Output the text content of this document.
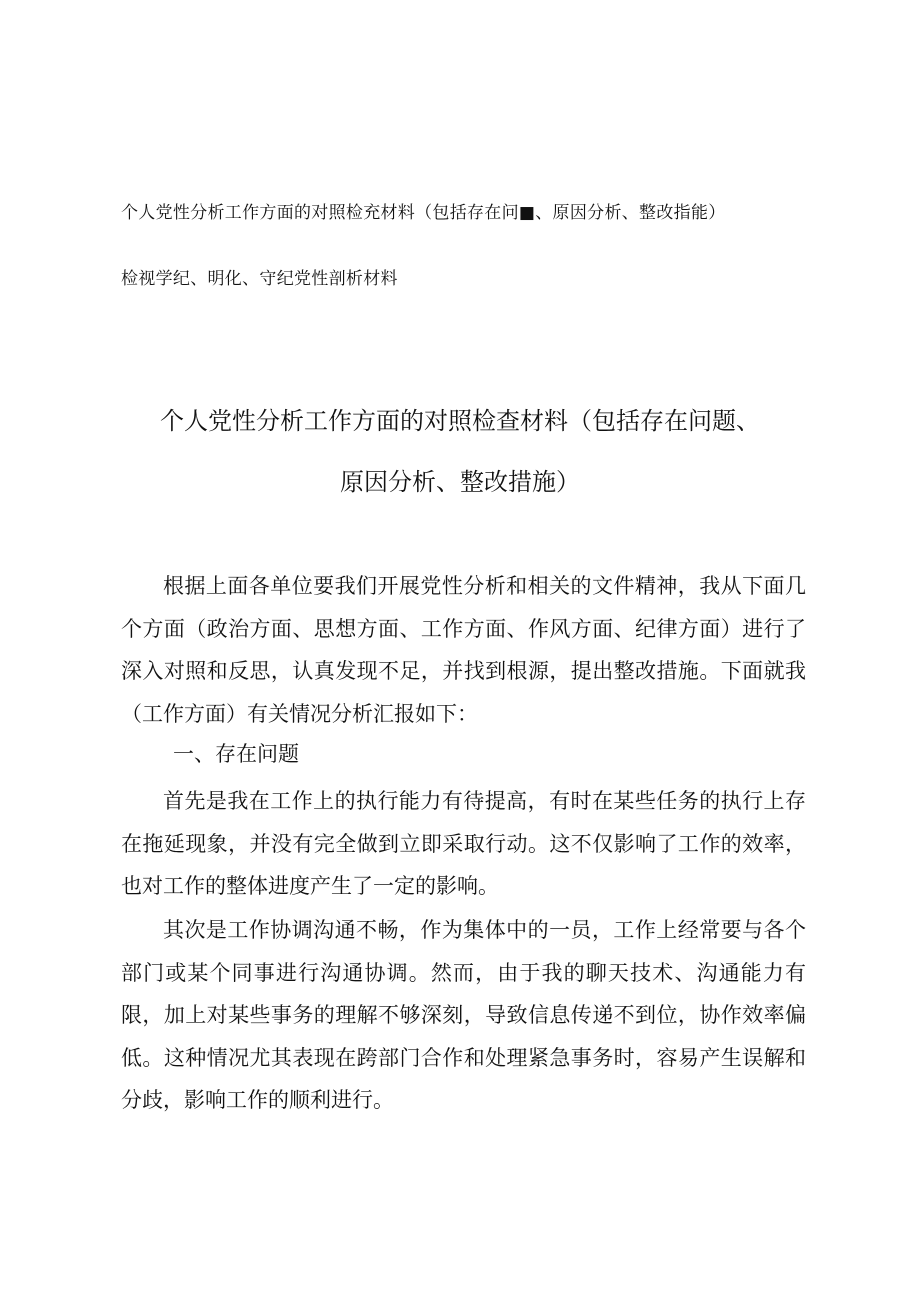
个人党性分析工作方面的对照检充材料（包括存在问■、原因分析、整改指能）
检视学纪、明化、守纪党性剖析材料
个人党性分析工作方面的对照检查材料（包括存在问题、
原因分析、整改措施）

根据上面各单位要我们开展党性分析和相关的文件精神，我从下面几个方面（政治方面、思想方面、工作方面、作风方面、纪律方面）进行了深入对照和反思，认真发现不足，并找到根源，提出整改措施。下面就我（工作方面）有关情况分析汇报如下：

一、存在问题

首先是我在工作上的执行能力有待提高，有时在某些任务的执行上存在拖延现象，并没有完全做到立即采取行动。这不仅影响了工作的效率，也对工作的整体进度产生了一定的影响。

其次是工作协调沟通不畅，作为集体中的一员，工作上经常要与各个部门或某个同事进行沟通协调。然而，由于我的聊天技术、沟通能力有限，加上对某些事务的理解不够深刻，导致信息传递不到位，协作效率偏低。这种情况尤其表现在跨部门合作和处理紧急事务时，容易产生误解和分歧，影响工作的顺利进行。
